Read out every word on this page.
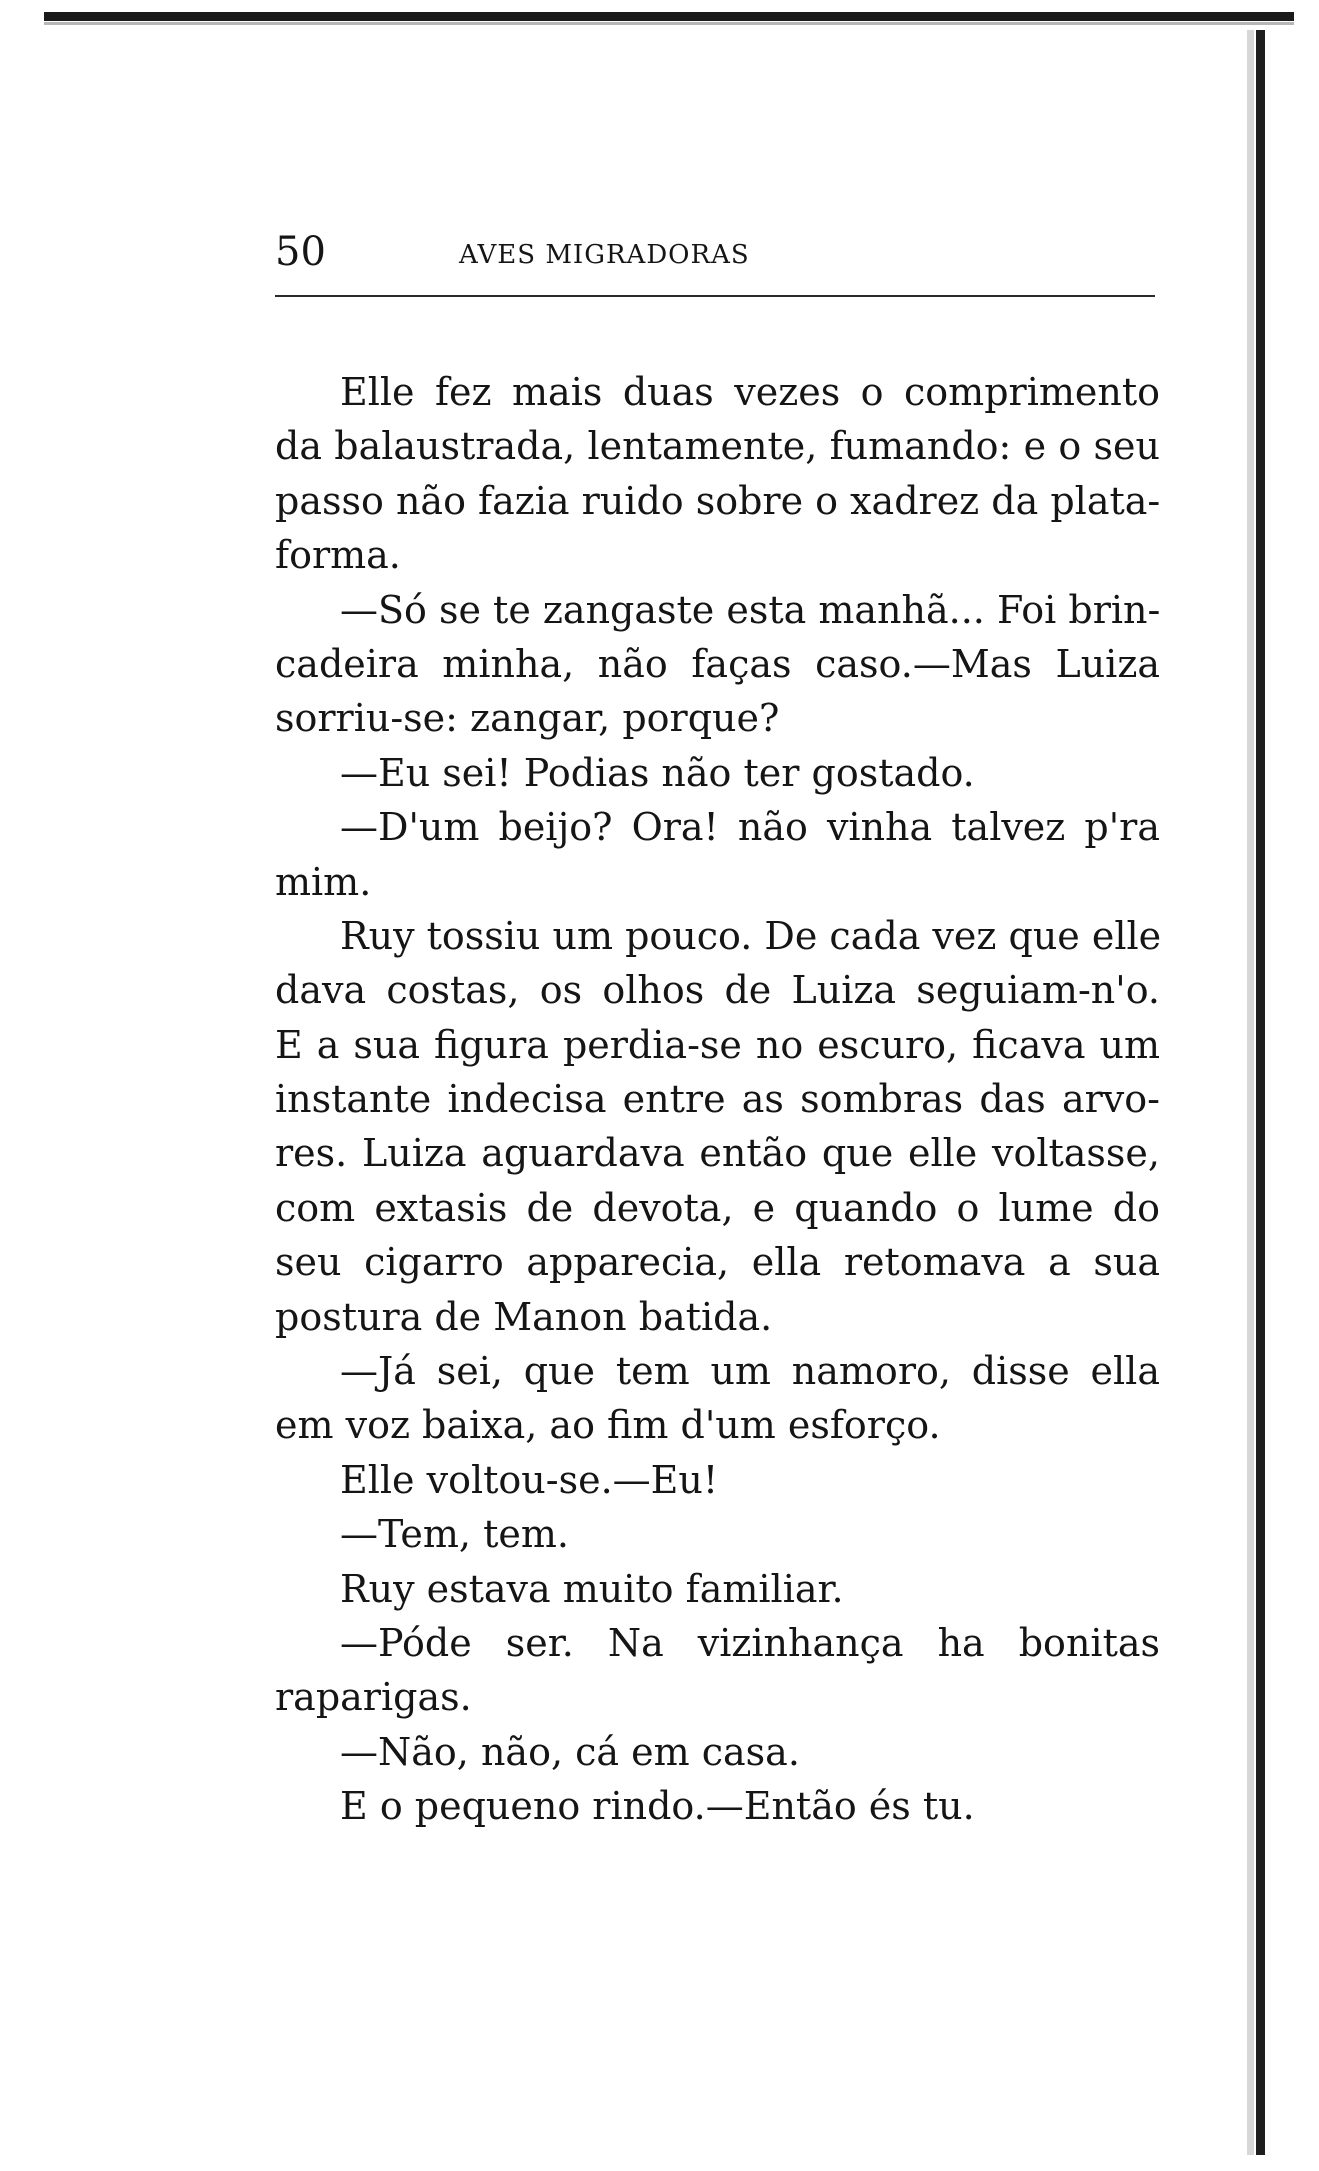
50	AVES MIGRADORAS
Elle fez mais duas vezes o comprimento
da balaustrada, lentamente, fumando: e o seu
passo não fazia ruido sobre o xadrez da plata-
forma.
—Só se te zangaste esta manhã... Foi brin-
cadeira minha, não faças caso.—Mas Luiza
sorriu-se: zangar, porque?
—Eu sei! Podias não ter gostado.
—D'um beijo? Ora! não vinha talvez p'ra
mim.
Ruy tossiu um pouco. De cada vez que elle
dava costas, os olhos de Luiza seguiam-n'o.
E a sua figura perdia-se no escuro, ficava um
instante indecisa entre as sombras das arvo-
res. Luiza aguardava então que elle voltasse,
com extasis de devota, e quando o lume do
seu cigarro apparecia, ella retomava a sua
postura de Manon batida.
—Já sei, que tem um namoro, disse ella
em voz baixa, ao fim d'um esforço.
Elle voltou-se.—Eu!
—Tem, tem.
Ruy estava muito familiar.
—Póde ser. Na vizinhança ha bonitas
raparigas.
—Não, não, cá em casa.
E o pequeno rindo.—Então és tu.
